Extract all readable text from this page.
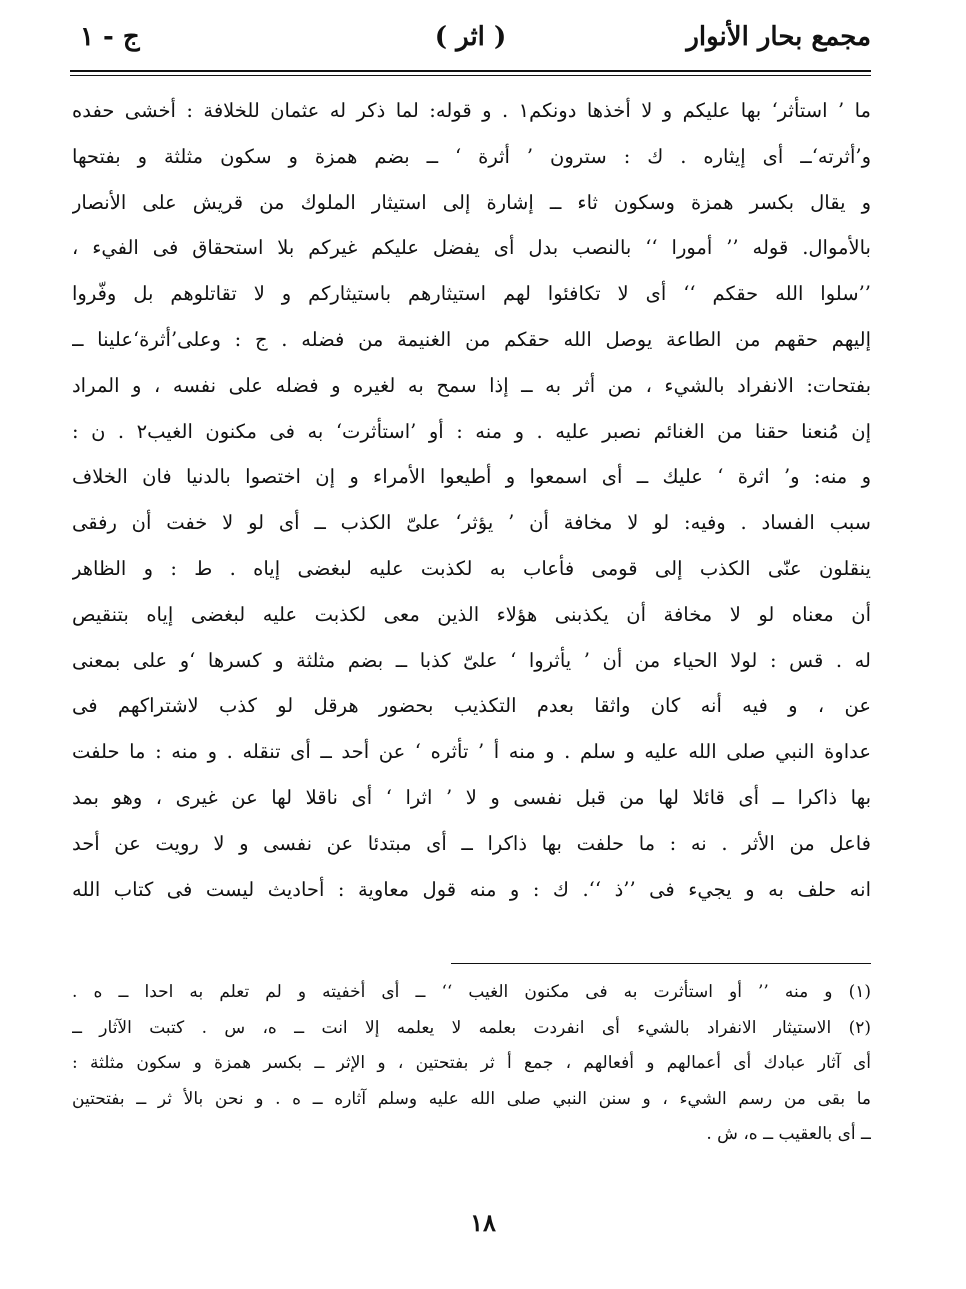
مجمع بحار الأنوار
( اثر )
ج - ١
ما ’ استأثر‘ بها عليكم و لا أخذها دونكم١ . و قوله: لما ذكر له عثمان للخلافة : أخشى حفده
و’أثرته‘ــ أى إيثاره . ك : سترون ’ أثرة ‘ ــ بضم همزة و سكون مثلثة و بفتحها
و يقال بكسر همزة وسكون ثاء ــ إشارة إلى استيثار الملوك من قريش على الأنصار
بالأموال. قوله ’’ أمورا ‘‘ بالنصب بدل أى يفضل عليكم غيركم بلا استحقاق فى الفيء ،
’’سلوا الله حقكم ‘‘ أى لا تكافئوا لهم استيثارهم باستيثاركم و لا تقاتلوهم بل وفّروا
إليهم حقهم من الطاعة يوصل الله حقكم من الغنيمة من فضله . ج : وعلى’أثرة‘علينا ــ
بفتحات: الانفراد بالشيء ، من أثر به ــ إذا سمح به لغيره و فضله على نفسه ، و المراد
إن مُنعنا حقنا من الغنائم نصبر عليه . و منه : أو ’استأثرت‘ به فى مكنون الغيب٢ . ن :
و منه: و’ اثرة ‘ عليك ــ أى اسمعوا و أطيعوا الأمراء و إن اختصوا بالدنيا فان الخلاف
سبب الفساد . وفيه: لو لا مخافة أن ’ يؤثر‘ علىّ الكذب ــ أى لو لا خفت أن رفقى
ينقلون عنّى الكذب إلى قومى فأعاب به لكذبت عليه لبغضى إياه . ط : و الظاهر
أن معناه لو لا مخافة أن يكذبنى هؤلاء الذين معى لكذبت عليه لبغضى إياه بتنقيص
له . قس : لولا الحياء من أن ’ يأثروا ‘ علىّ كذبا ــ بضم مثلثة و كسرها ‘و على بمعنى
عن ، و فيه أنه كان واثقا بعدم التكذيب بحضور هرقل لو كذب لاشتراكهم فى
عداوة النبي صلى الله عليه و سلم . و منه أ ’ تأثره ‘ عن أحد ــ أى تنقله . و منه : ما حلفت
بها ذاكرا ــ أى قائلا لها من قبل نفسى و لا ’ اثرا ‘ أى ناقلا لها عن غيرى ، وهو بمد
فاعل من الأثر . نه : ما حلفت بها ذاكرا ــ أى مبتدئا عن نفسى و لا رويت عن أحد
انه حلف به و يجيء فى ’’ذ ‘‘. ك : و منه قول معاوية : أحاديث ليست فى كتاب الله
(١) و منه ’’ أو استأثرت به فى مكنون الغيب ‘‘ ــ أى أخفيته و لم تعلم به احدا ــ ه .
(٢) الاستيثار الانفراد بالشيء أى انفردت بعلمه لا يعلمه إلا انت ــ ه، س . كتبت الآثار ــ
أى آثار عبادك أى أعمالهم و أفعالهم ، جمع أ ثر بفتحتين ، و الإثر ــ بكسر همزة و سكون مثلثة :
ما بقى من رسم الشيء ، و سنن النبي صلى الله عليه وسلم آثاره ــ ه . و نحن بالأ ثر ــ بفتحتين
ــ أى بالعقيب ــ ه، ش .
١٨
